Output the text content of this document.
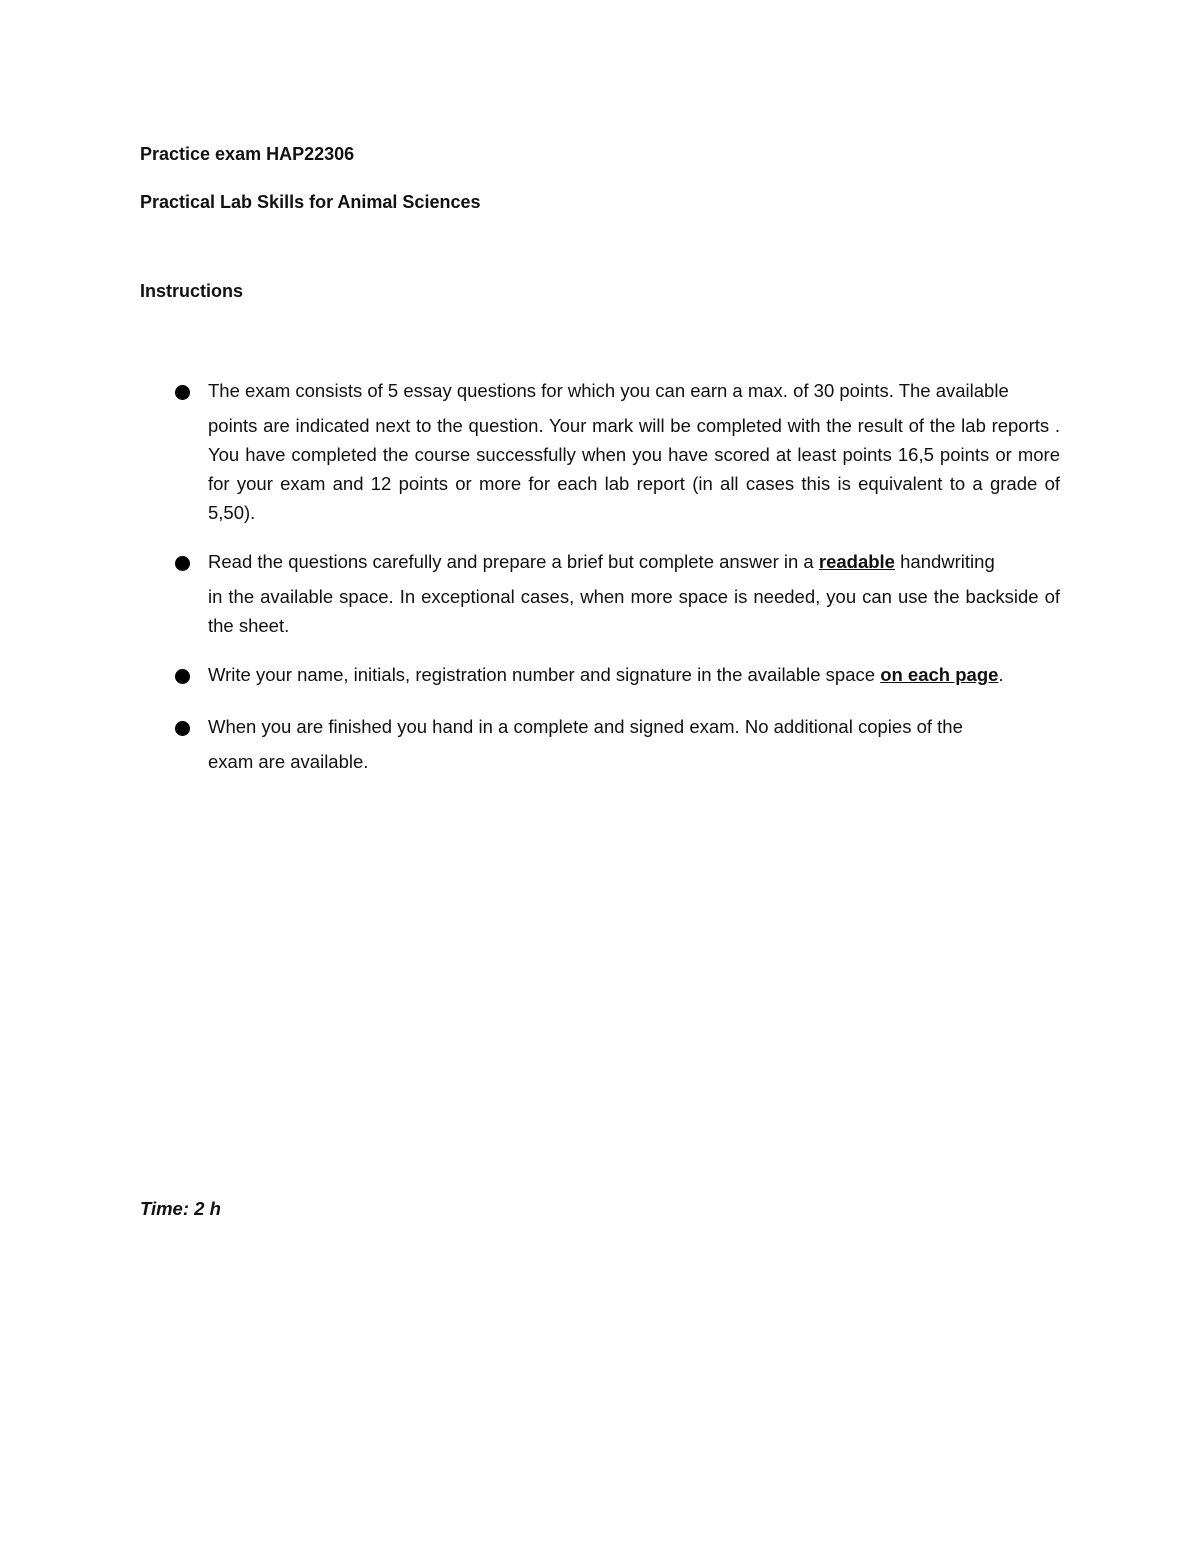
Practice exam HAP22306
Practical Lab Skills for Animal Sciences
Instructions
The exam consists of 5 essay questions for which you can earn a max. of 30 points. The available
points are indicated next to the question. Your mark will be completed with the result of the lab reports . You have completed the course successfully when you have scored at least points 16,5 points or more for your exam and 12 points or more for each lab report (in all cases this is equivalent to a grade of 5,50).
Read the questions carefully and prepare a brief but complete answer in a readable handwriting
in the available space. In exceptional cases, when more space is needed, you can use the backside of the sheet.
Write your name, initials, registration number and signature in the available space on each page.
When you are finished you hand in a complete and signed exam. No additional copies of the
exam are available.
Time: 2 h
